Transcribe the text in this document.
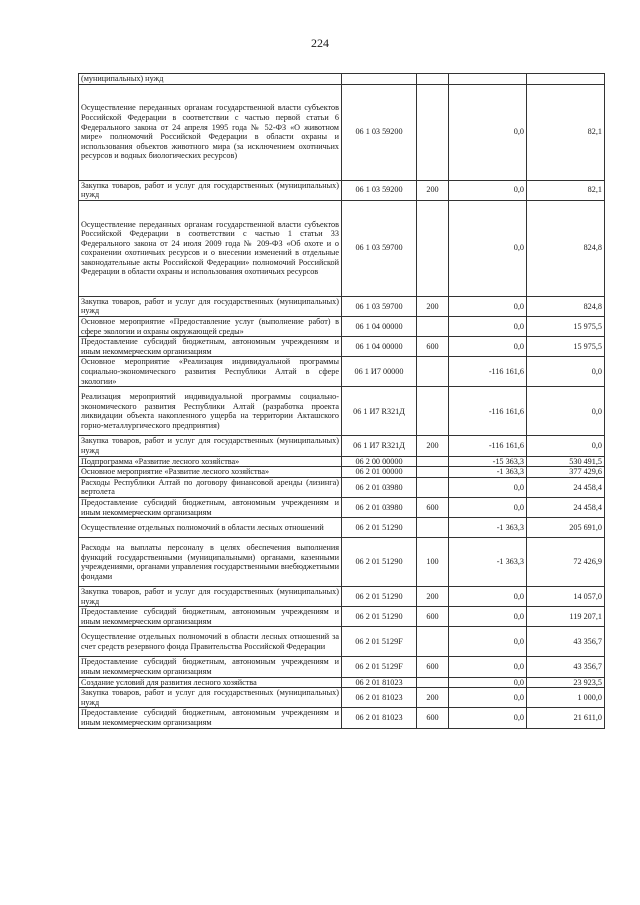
224
(муниципальных) нужд				
Осуществление переданных органам государственной власти субъектов Российской Федерации в соответствии с частью первой статьи 6 Федерального закона от 24 апреля 1995 года № 52-ФЗ «О животном мире» полномочий Российской Федерации в области охраны и использования объектов животного мира (за исключением охотничьих ресурсов и водных биологических ресурсов)	06 1 03 59200		0,0	82,1
Закупка товаров, работ и услуг для государственных (муниципальных) нужд	06 1 03 59200	200	0,0	82,1
Осуществление переданных органам государственной власти субъектов Российской Федерации в соответствии с частью 1 статьи 33 Федерального закона от 24 июля 2009 года № 209-ФЗ «Об охоте и о сохранении охотничьих ресурсов и о внесении изменений в отдельные законодательные акты Российской Федерации» полномочий Российской Федерации в области охраны и использования охотничьих ресурсов	06 1 03 59700		0,0	824,8
Закупка товаров, работ и услуг для государственных (муниципальных) нужд	06 1 03 59700	200	0,0	824,8
Основное мероприятие «Предоставление услуг (выполнение работ) в сфере экологии и охраны окружающей среды»	06 1 04 00000		0,0	15 975,5
Предоставление субсидий бюджетным, автономным учреждениям и иным некоммерческим организациям	06 1 04 00000	600	0,0	15 975,5
Основное мероприятие «Реализация индивидуальной программы социально-экономического развития Республики Алтай в сфере экологии»	06 1 И7 00000		-116 161,6	0,0
Реализация мероприятий индивидуальной программы социально-экономического развития Республики Алтай (разработка проекта ликвидации объекта накопленного ущерба на территории Акташского горно-металлургического предприятия)	06 1 И7 R321Д		-116 161,6	0,0
Закупка товаров, работ и услуг для государственных (муниципальных) нужд	06 1 И7 R321Д	200	-116 161,6	0,0
Подпрограмма «Развитие лесного хозяйства»	06 2 00 00000		-15 363,3	530 491,5
Основное мероприятие «Развитие лесного хозяйства»	06 2 01 00000		-1 363,3	377 429,6
Расходы Республики Алтай по договору финансовой аренды (лизинга) вертолета	06 2 01 03980		0,0	24 458,4
Предоставление субсидий бюджетным, автономным учреждениям и иным некоммерческим организациям	06 2 01 03980	600	0,0	24 458,4
Осуществление отдельных полномочий в области лесных отношений	06 2 01 51290		-1 363,3	205 691,0
Расходы на выплаты персоналу в целях обеспечения выполнения функций государственными (муниципальными) органами, казенными учреждениями, органами управления государственными внебюджетными фондами	06 2 01 51290	100	-1 363,3	72 426,9
Закупка товаров, работ и услуг для государственных (муниципальных) нужд	06 2 01 51290	200	0,0	14 057,0
Предоставление субсидий бюджетным, автономным учреждениям и иным некоммерческим организациям	06 2 01 51290	600	0,0	119 207,1
Осуществление отдельных полномочий в области лесных отношений за счет средств резервного фонда Правительства Российской Федерации	06 2 01 5129F		0,0	43 356,7
Предоставление субсидий бюджетным, автономным учреждениям и иным некоммерческим организациям	06 2 01 5129F	600	0,0	43 356,7
Создание условий для развития лесного хозяйства	06 2 01 81023		0,0	23 923,5
Закупка товаров, работ и услуг для государственных (муниципальных) нужд	06 2 01 81023	200	0,0	1 000,0
Предоставление субсидий бюджетным, автономным учреждениям и иным некоммерческим организациям	06 2 01 81023	600	0,0	21 611,0
